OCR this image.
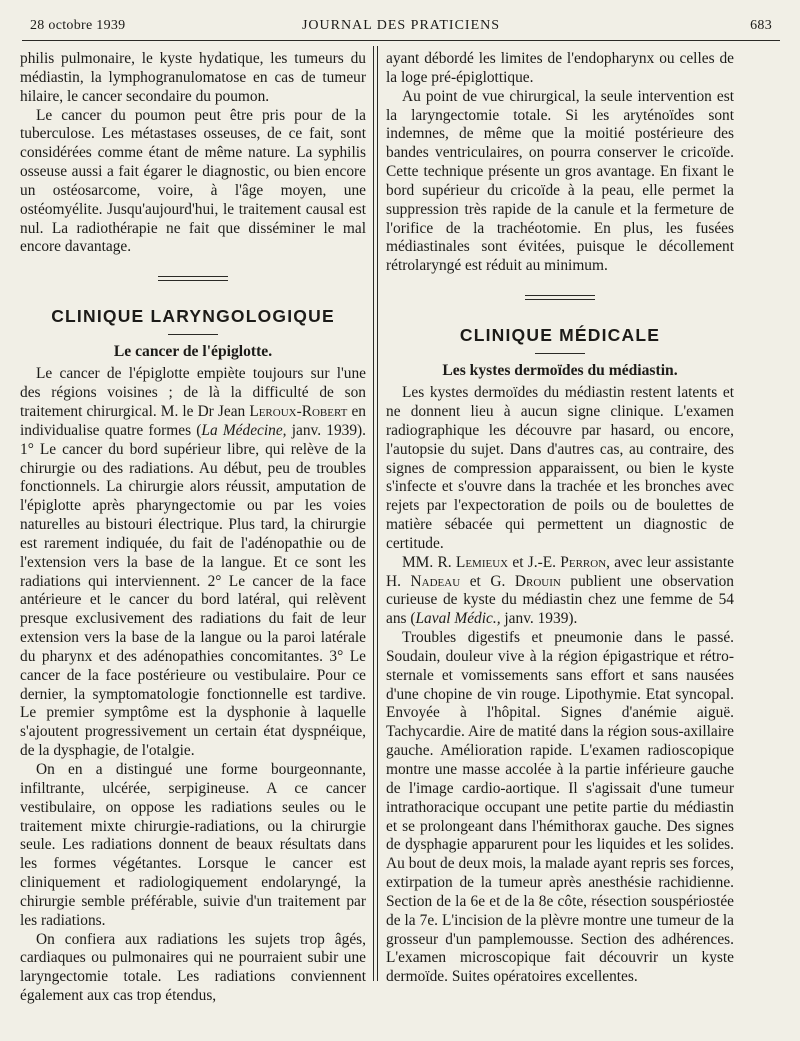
28 octobre 1939	JOURNAL DES PRATICIENS	683

philis pulmonaire, le kyste hydatique, les tumeurs du médiastin, la lymphogranulomatose en cas de tumeur hilaire, le cancer secondaire du poumon.

Le cancer du poumon peut être pris pour de la tuberculose. Les métastases osseuses, de ce fait, sont considérées comme étant de même nature. La syphilis osseuse aussi a fait égarer le diagnostic, ou bien encore un ostéosarcome, voire, à l'âge moyen, une ostéomyélite. Jusqu'aujourd'hui, le traitement causal est nul. La radiothérapie ne fait que disséminer le mal encore davantage.

CLINIQUE LARYNGOLOGIQUE
Le cancer de l'épiglotte.

Le cancer de l'épiglotte empiète toujours sur l'une des régions voisines ; de là la difficulté de son traitement chirurgical. M. le Dr Jean Leroux-Robert en individualise quatre formes (La Médecine, janv. 1939). 1° Le cancer du bord supérieur libre, qui relève de la chirurgie ou des radiations. Au début, peu de troubles fonctionnels. La chirurgie alors réussit, amputation de l'épiglotte après pharyngectomie ou par les voies naturelles au bistouri électrique. Plus tard, la chirurgie est rarement indiquée, du fait de l'adénopathie ou de l'extension vers la base de la langue. Et ce sont les radiations qui interviennent. 2° Le cancer de la face antérieure et le cancer du bord latéral, qui relèvent presque exclusivement des radiations du fait de leur extension vers la base de la langue ou la paroi latérale du pharynx et des adénopathies concomitantes. 3° Le cancer de la face postérieure ou vestibulaire. Pour ce dernier, la symptomatologie fonctionnelle est tardive. Le premier symptôme est la dysphonie à laquelle s'ajoutent progressivement un certain état dyspnéique, de la dysphagie, de l'otalgie.

On en a distingué une forme bourgeonnante, infiltrante, ulcérée, serpigineuse. A ce cancer vestibulaire, on oppose les radiations seules ou le traitement mixte chirurgie-radiations, ou la chirurgie seule. Les radiations donnent de beaux résultats dans les formes végétantes. Lorsque le cancer est cliniquement et radiologiquement endolaryngé, la chirurgie semble préférable, suivie d'un traitement par les radiations.

On confiera aux radiations les sujets trop âgés, cardiaques ou pulmonaires qui ne pourraient subir une laryngectomie totale. Les radiations conviennent également aux cas trop étendus,

ayant débordé les limites de l'endopharynx ou celles de la loge pré-épiglottique.

Au point de vue chirurgical, la seule intervention est la laryngectomie totale. Si les aryténoïdes sont indemnes, de même que la moitié postérieure des bandes ventriculaires, on pourra conserver le cricoïde. Cette technique présente un gros avantage. En fixant le bord supérieur du cricoïde à la peau, elle permet la suppression très rapide de la canule et la fermeture de l'orifice de la trachéotomie. En plus, les fusées médiastinales sont évitées, puisque le décollement rétrolaryngé est réduit au minimum.

CLINIQUE MÉDICALE
Les kystes dermoïdes du médiastin.

Les kystes dermoïdes du médiastin restent latents et ne donnent lieu à aucun signe clinique. L'examen radiographique les découvre par hasard, ou encore, l'autopsie du sujet. Dans d'autres cas, au contraire, des signes de compression apparaissent, ou bien le kyste s'infecte et s'ouvre dans la trachée et les bronches avec rejets par l'expectoration de poils ou de boulettes de matière sébacée qui permettent un diagnostic de certitude.

MM. R. Lemieux et J.-E. Perron, avec leur assistante H. Nadeau et G. Drouin publient une observation curieuse de kyste du médiastin chez une femme de 54 ans (Laval Médic., janv. 1939).

Troubles digestifs et pneumonie dans le passé. Soudain, douleur vive à la région épigastrique et rétro-sternale et vomissements sans effort et sans nausées d'une chopine de vin rouge. Lipothymie. Etat syncopal. Envoyée à l'hôpital. Signes d'anémie aiguë. Tachycardie. Aire de matité dans la région sous-axillaire gauche. Amélioration rapide. L'examen radioscopique montre une masse accolée à la partie inférieure gauche de l'image cardio-aortique. Il s'agissait d'une tumeur intrathoracique occupant une petite partie du médiastin et se prolongeant dans l'hémithorax gauche. Des signes de dysphagie apparurent pour les liquides et les solides. Au bout de deux mois, la malade ayant repris ses forces, extirpation de la tumeur après anesthésie rachidienne. Section de la 6e et de la 8e côte, résection souspériostée de la 7e. L'incision de la plèvre montre une tumeur de la grosseur d'un pamplemousse. Section des adhérences. L'examen microscopique fait découvrir un kyste dermoïde. Suites opératoires excellentes.
